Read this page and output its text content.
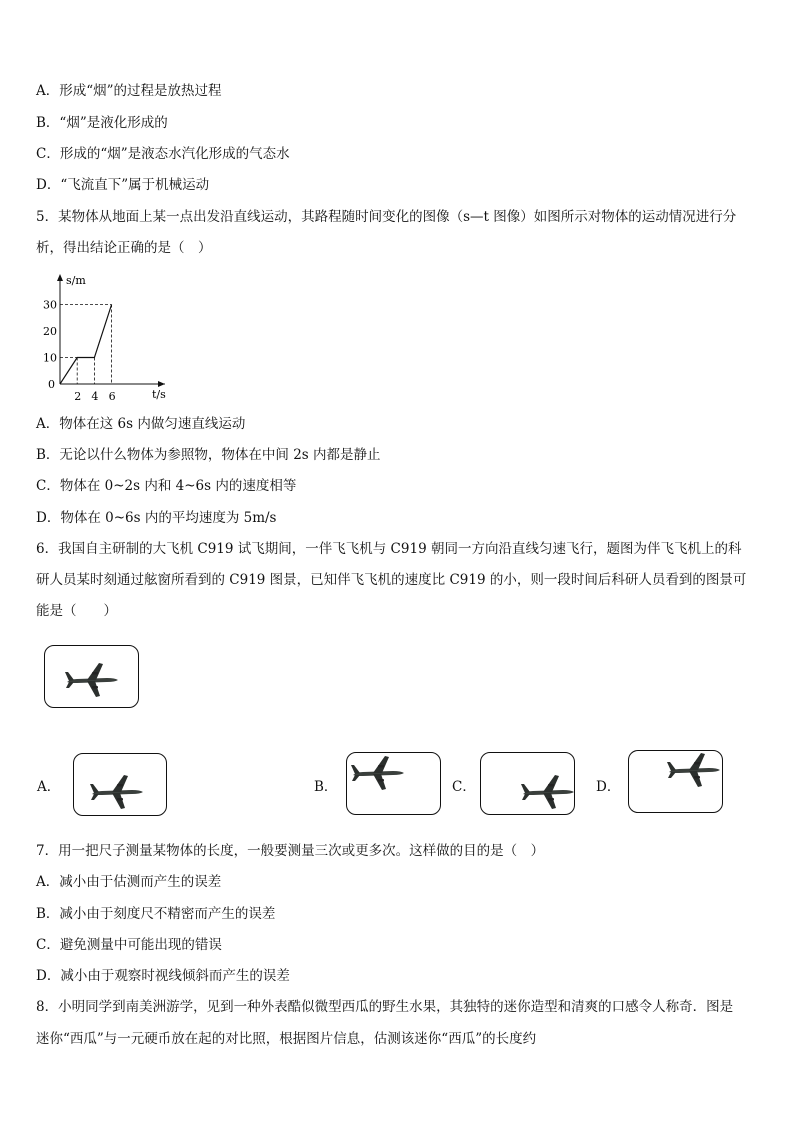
A．形成“烟”的过程是放热过程
B．“烟”是液化形成的
C．形成的“烟”是液态水汽化形成的气态水
D．“飞流直下”属于机械运动
5．某物体从地面上某一点出发沿直线运动，其路程随时间变化的图像（s—t 图像）如图所示对物体的运动情况进行分
析，得出结论正确的是（　）
s/m
t/s
0
10
20
30
2 4 6
A．物体在这 6s 内做匀速直线运动
B．无论以什么物体为参照物，物体在中间 2s 内都是静止
C．物体在 0~2s 内和 4~6s 内的速度相等
D．物体在 0~6s 内的平均速度为 5m/s
6．我国自主研制的大飞机 C919 试飞期间，一伴飞飞机与 C919 朝同一方向沿直线匀速飞行，题图为伴飞飞机上的科
研人员某时刻通过舷窗所看到的 C919 图景，已知伴飞飞机的速度比 C919 的小，则一段时间后科研人员看到的图景可
能是（　　）
A．	B．	C．	D．
7．用一把尺子测量某物体的长度，一般要测量三次或更多次。这样做的目的是（　）
A．减小由于估测而产生的误差
B．减小由于刻度尺不精密而产生的误差
C．避免测量中可能出现的错误
D．减小由于观察时视线倾斜而产生的误差
8．小明同学到南美洲游学，见到一种外表酷似微型西瓜的野生水果，其独特的迷你造型和清爽的口感令人称奇．图是
迷你“西瓜”与一元硬币放在起的对比照，根据图片信息，估测该迷你“西瓜”的长度约
